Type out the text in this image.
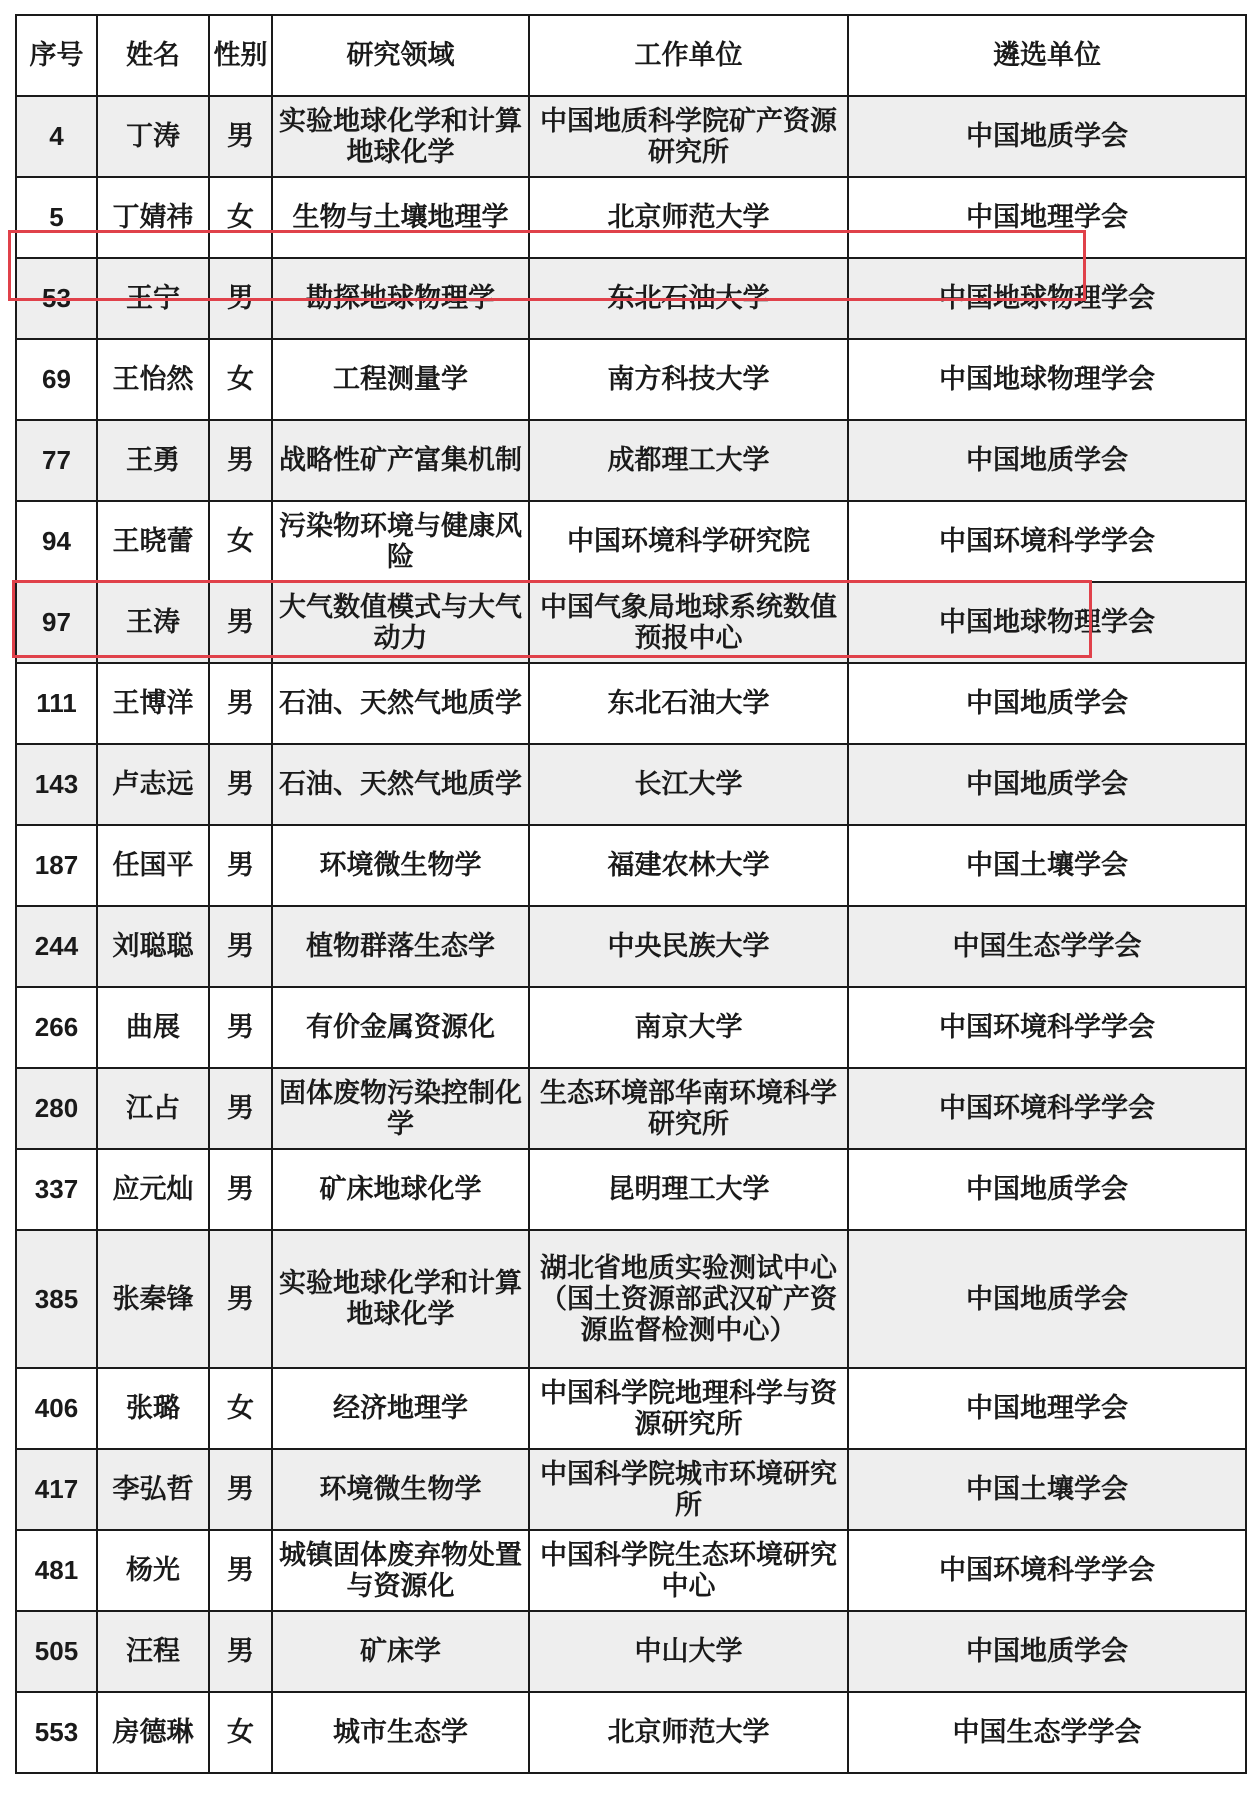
序号	姓名	性别	研究领域	工作单位	遴选单位
4	丁涛	男	实验地球化学和计算地球化学	中国地质科学院矿产资源研究所	中国地质学会
5	丁婧祎	女	生物与土壤地理学	北京师范大学	中国地理学会
53	王宁	男	勘探地球物理学	东北石油大学	中国地球物理学会
69	王怡然	女	工程测量学	南方科技大学	中国地球物理学会
77	王勇	男	战略性矿产富集机制	成都理工大学	中国地质学会
94	王晓蕾	女	污染物环境与健康风险	中国环境科学研究院	中国环境科学学会
97	王涛	男	大气数值模式与大气动力	中国气象局地球系统数值预报中心	中国地球物理学会
111	王博洋	男	石油、天然气地质学	东北石油大学	中国地质学会
143	卢志远	男	石油、天然气地质学	长江大学	中国地质学会
187	任国平	男	环境微生物学	福建农林大学	中国土壤学会
244	刘聪聪	男	植物群落生态学	中央民族大学	中国生态学学会
266	曲展	男	有价金属资源化	南京大学	中国环境科学学会
280	江占	男	固体废物污染控制化学	生态环境部华南环境科学研究所	中国环境科学学会
337	应元灿	男	矿床地球化学	昆明理工大学	中国地质学会
385	张秦锋	男	实验地球化学和计算地球化学	湖北省地质实验测试中心（国土资源部武汉矿产资源监督检测中心）	中国地质学会
406	张璐	女	经济地理学	中国科学院地理科学与资源研究所	中国地理学会
417	李弘哲	男	环境微生物学	中国科学院城市环境研究所	中国土壤学会
481	杨光	男	城镇固体废弃物处置与资源化	中国科学院生态环境研究中心	中国环境科学学会
505	汪程	男	矿床学	中山大学	中国地质学会
553	房德琳	女	城市生态学	北京师范大学	中国生态学学会
